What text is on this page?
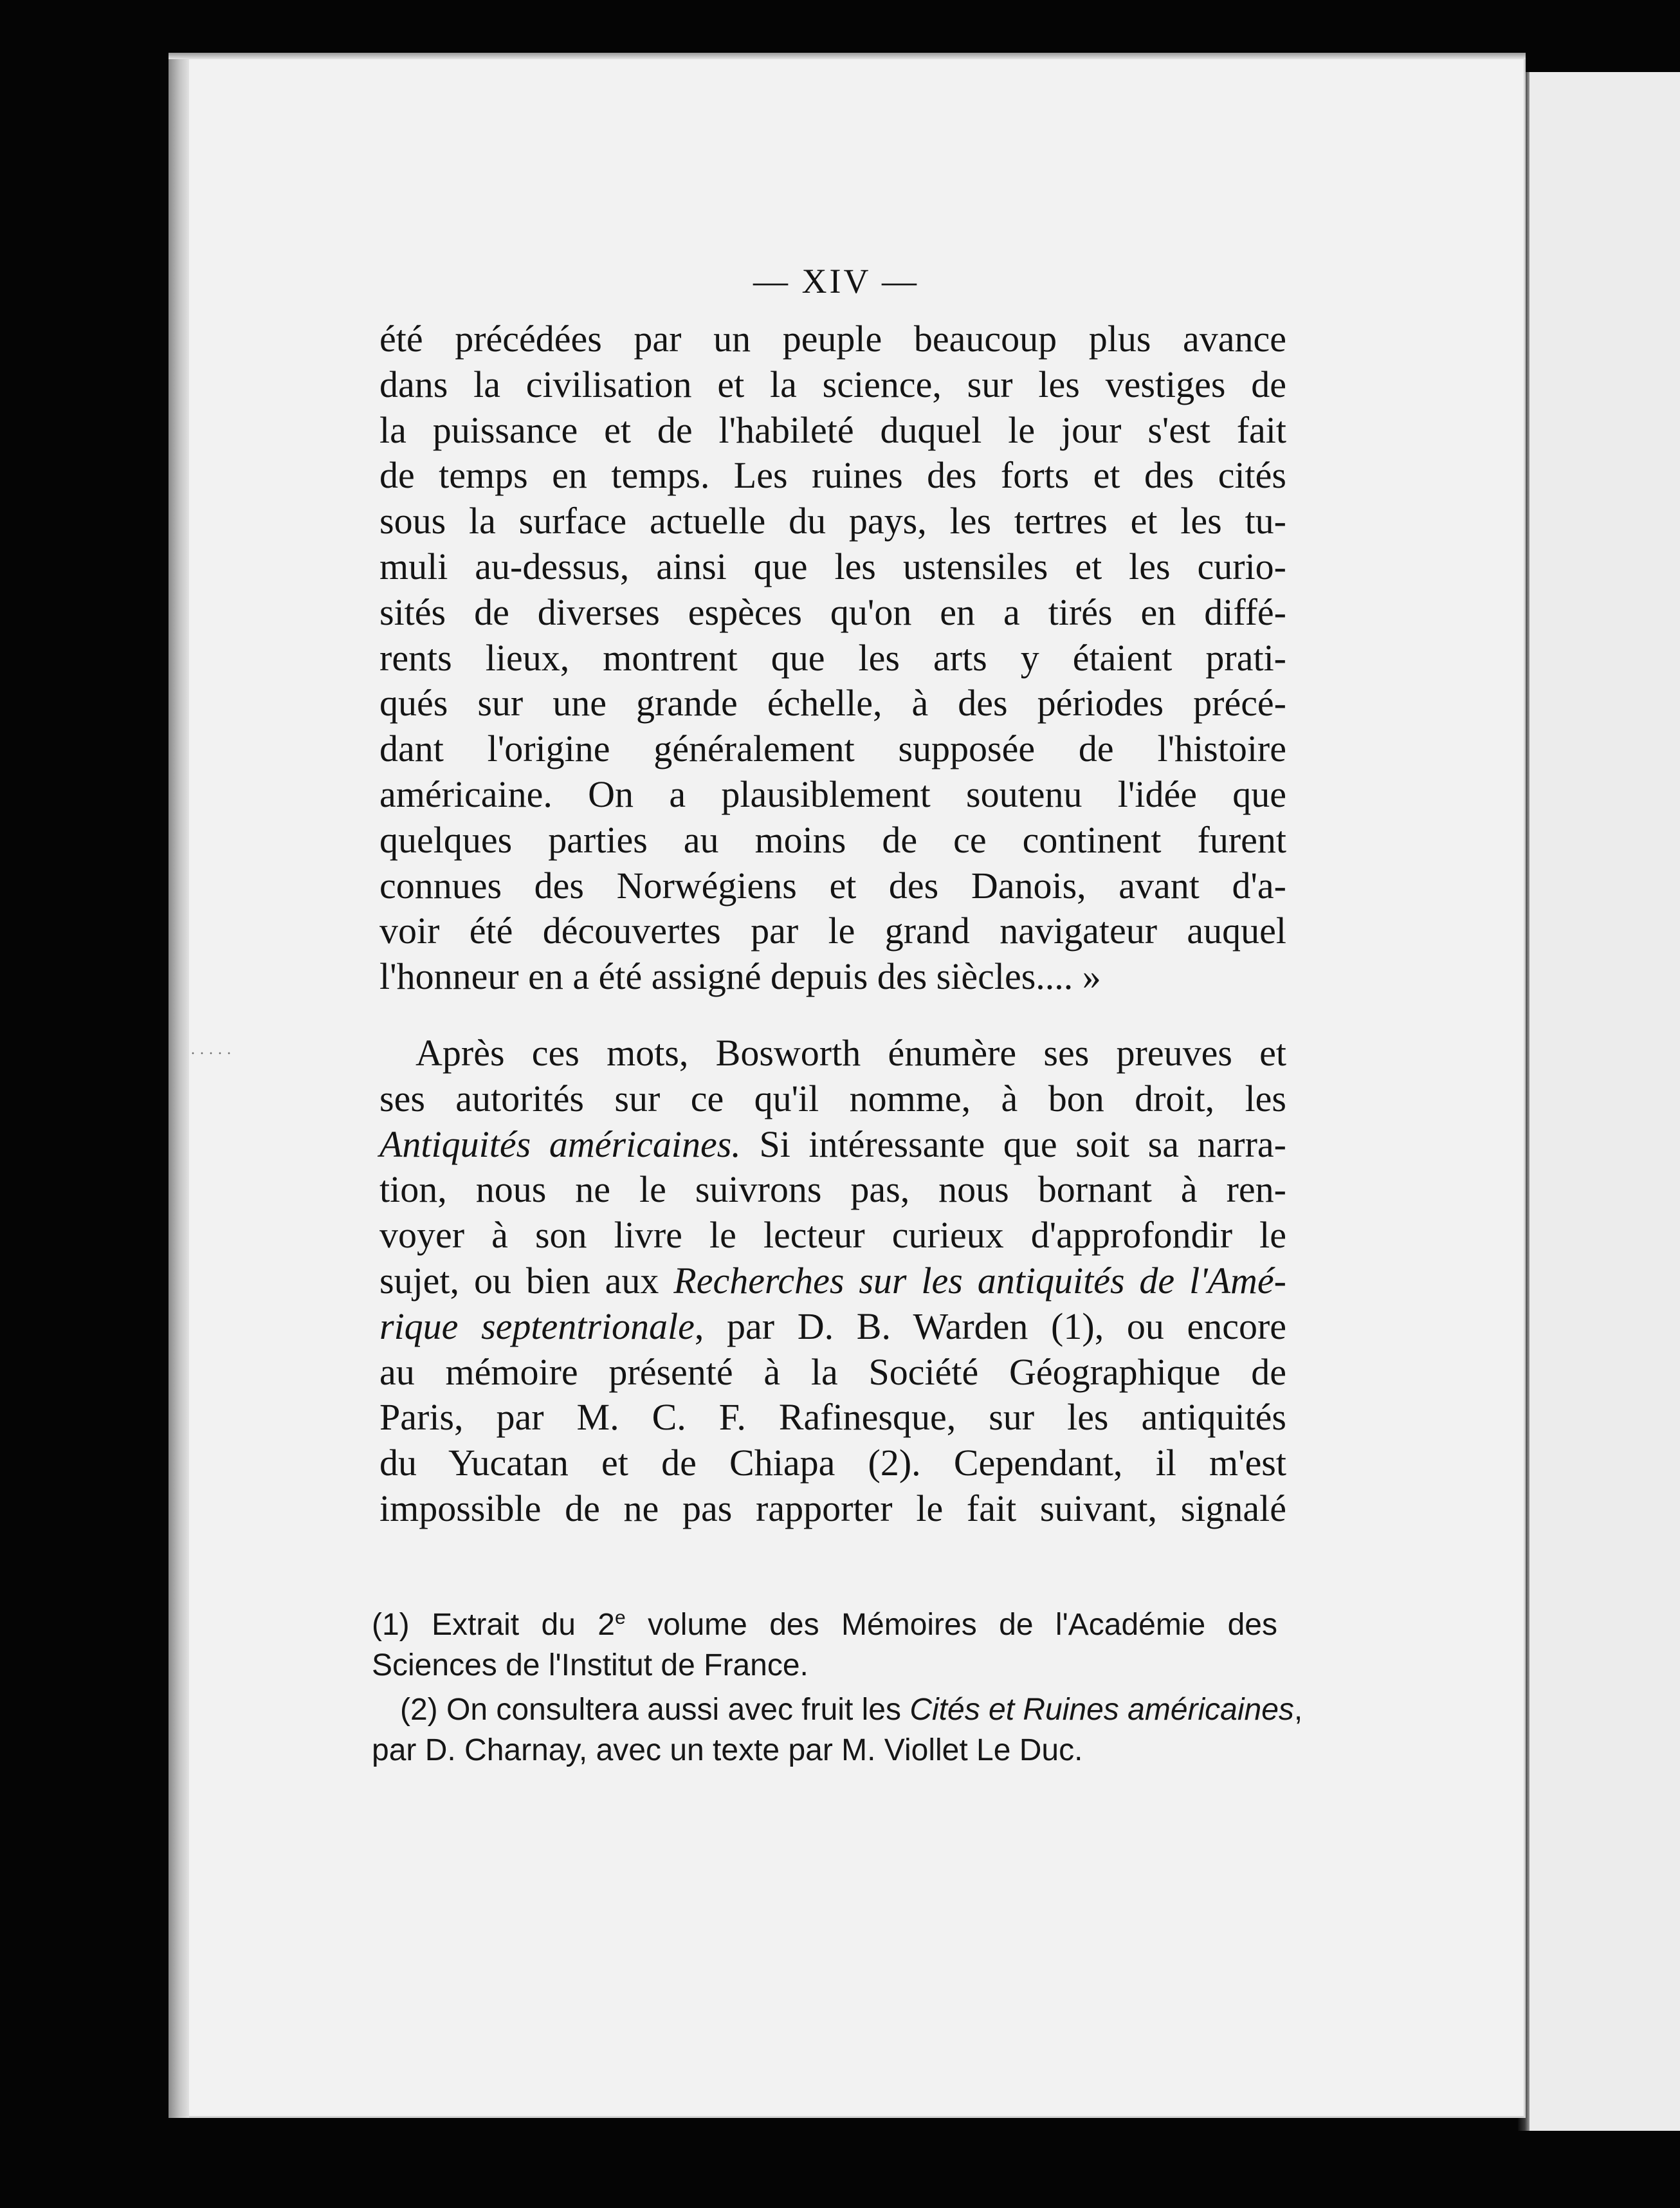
·····
— XIV —
été précédées par un peuple beaucoup plus avance
dans la civilisation et la science, sur les vestiges de
la puissance et de l'habileté duquel le jour s'est fait
de temps en temps. Les ruines des forts et des cités
sous la surface actuelle du pays, les tertres et les tu-
muli au-dessus, ainsi que les ustensiles et les curio-
sités de diverses espèces qu'on en a tirés en diffé-
rents lieux, montrent que les arts y étaient prati-
qués sur une grande échelle, à des périodes précé-
dant l'origine généralement supposée de l'histoire
américaine. On a plausiblement soutenu l'idée que
quelques parties au moins de ce continent furent
connues des Norwégiens et des Danois, avant d'a-
voir été découvertes par le grand navigateur auquel
l'honneur en a été assigné depuis des siècles.... »
Après ces mots, Bosworth énumère ses preuves et
ses autorités sur ce qu'il nomme, à bon droit, les
Antiquités américaines. Si intéressante que soit sa narra-
tion, nous ne le suivrons pas, nous bornant à ren-
voyer à son livre le lecteur curieux d'approfondir le
sujet, ou bien aux Recherches sur les antiquités de l'Amé-
rique septentrionale, par D. B. Warden (1), ou encore
au mémoire présenté à la Société Géographique de
Paris, par M. C. F. Rafinesque, sur les antiquités
du Yucatan et de Chiapa (2). Cependant, il m'est
impossible de ne pas rapporter le fait suivant, signalé
(1) Extrait du 2e volume des Mémoires de l'Académie des
Sciences de l'Institut de France.
(2) On consultera aussi avec fruit les Cités et Ruines américaines,
par D. Charnay, avec un texte par M. Viollet Le Duc.
